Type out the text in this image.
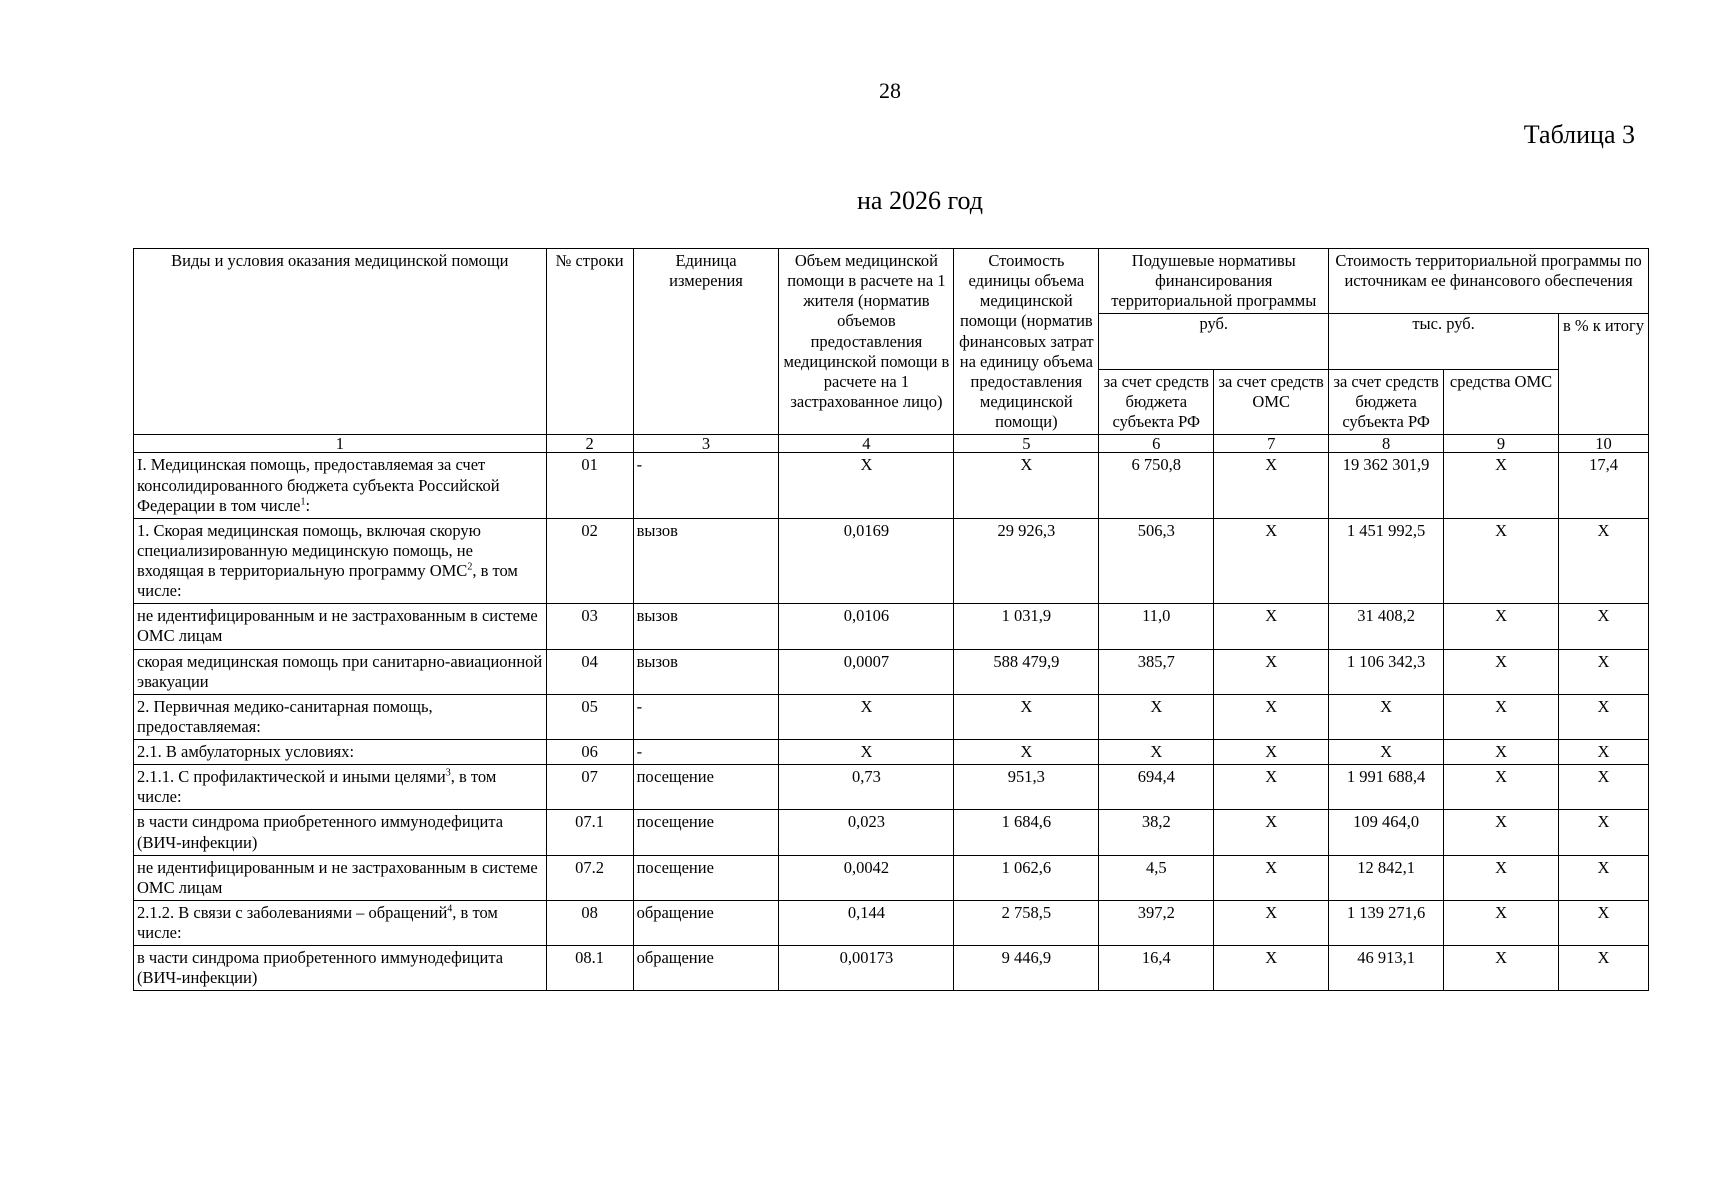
28
Таблица 3
на 2026 год
Виды и условия оказания медицинской помощи	№ строки	Единица измерения	Объем медицинской помощи в расчете на 1 жителя (норматив объемов предоставления медицинской помощи в расчете на 1 застрахованное лицо)	Стоимость единицы объема медицинской помощи (норматив финансовых затрат на единицу объема предоставления медицинской помощи)	Подушевые нормативы финансирования территориальной программы		Стоимость территориальной программы по источникам ее финансового обеспечения		
					руб.		тыс. руб.		в % к итогу
					за счет средств бюджета субъекта РФ	за счет средств ОМС	за счет средств бюджета субъекта РФ	средства ОМС	
1	2	3	4	5	6	7	8	9	10
I. Медицинская помощь, предоставляемая за счет консолидированного бюджета субъекта Российской Федерации в том числе$^1$:	01	-	X	X	6 750,8	X	19 362 301,9	X	17,4
1. Скорая медицинская помощь, включая скорую специализированную медицинскую помощь, не входящая в территориальную программу ОМС$^2$, в том числе:	02	вызов	0,0169	29 926,3	506,3	X	1 451 992,5	X	X
не идентифицированным и не застрахованным в системе ОМС лицам	03	вызов	0,0106	1 031,9	11,0	X	31 408,2	X	X
скорая медицинская помощь при санитарно-авиационной эвакуации	04	вызов	0,0007	588 479,9	385,7	X	1 106 342,3	X	X
2. Первичная медико-санитарная помощь, предоставляемая:	05	-	X	X	X	X	X	X	X
2.1. В амбулаторных условиях:	06	-	X	X	X	X	X	X	X
2.1.1. С профилактической и иными целями$^3$, в том числе:	07	посещение	0,73	951,3	694,4	X	1 991 688,4	X	X
в части синдрома приобретенного иммунодефицита (ВИЧ-инфекции)	07.1	посещение	0,023	1 684,6	38,2	X	109 464,0	X	X
не идентифицированным и не застрахованным в системе ОМС лицам	07.2	посещение	0,0042	1 062,6	4,5	X	12 842,1	X	X
2.1.2. В связи с заболеваниями – обращений$^4$, в том числе:	08	обращение	0,144	2 758,5	397,2	X	1 139 271,6	X	X
в части синдрома приобретенного иммунодефицита (ВИЧ-инфекции)	08.1	обращение	0,00173	9 446,9	16,4	X	46 913,1	X	X
